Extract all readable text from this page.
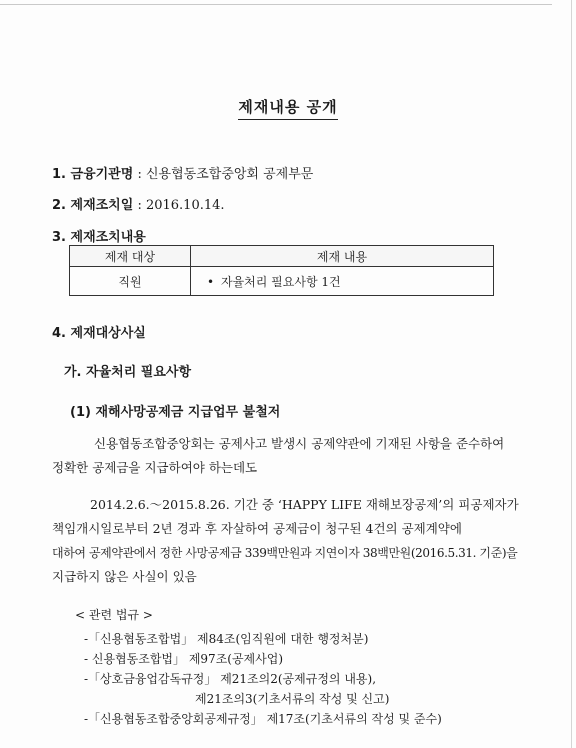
제재내용 공개
1. 금융기관명 : 신용협동조합중앙회 공제부문
2. 제재조치일 : 2016.10.14.
3. 제재조치내용
제재 대상	제재 내용
직원	• 자율처리 필요사항 1건
4. 제재대상사실
가. 자율처리 필요사항
(1) 재해사망공제금 지급업무 불철저
신용협동조합중앙회는 공제사고 발생시 공제약관에 기재된 사항을 준수하여
정확한 공제금을 지급하여야 하는데도
2014.2.6.～2015.8.26. 기간 중 ‘HAPPY LIFE 재해보장공제’의 피공제자가
책임개시일로부터 2년 경과 후 자살하여 공제금이 청구된 4건의 공제계약에
대하여 공제약관에서 정한 사망공제금 339백만원과 지연이자 38백만원(2016.5.31. 기준)을
지급하지 않은 사실이 있음
< 관련 법규 >
-「신용협동조합법」 제84조(임직원에 대한 행정처분)
- 신용협동조합법」 제97조(공제사업)
-「상호금융업감독규정」 제21조의2(공제규정의 내용),
제21조의3(기초서류의 작성 및 신고)
-「신용협동조합중앙회공제규정」 제17조(기초서류의 작성 및 준수)
